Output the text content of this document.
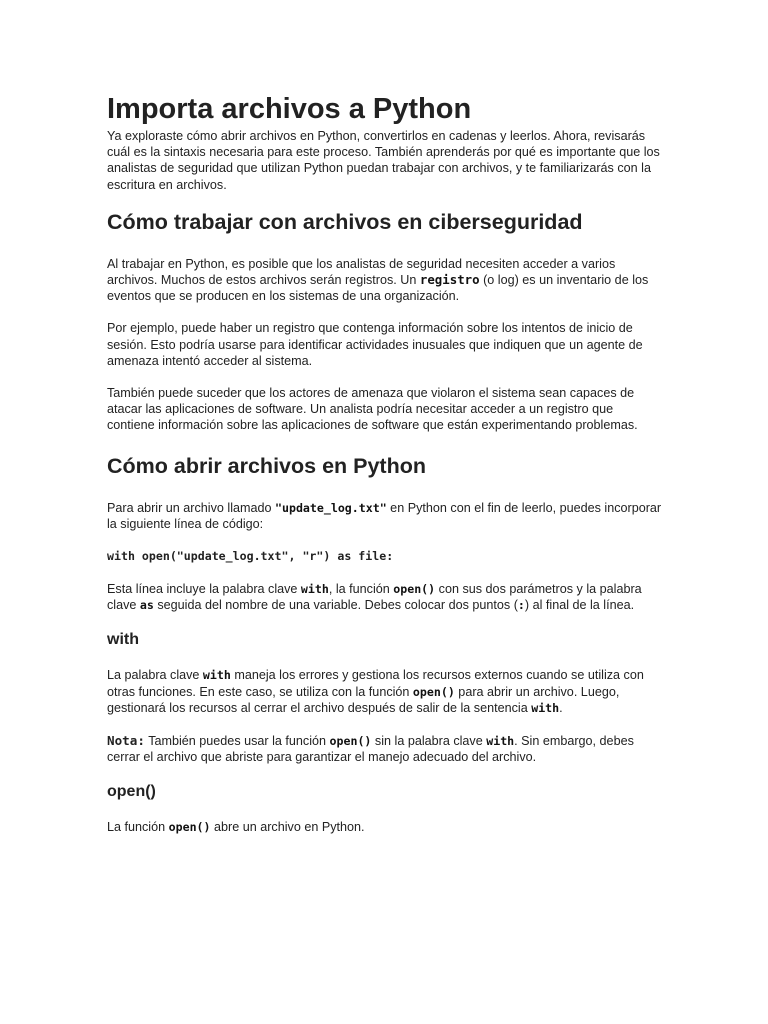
Importa archivos a Python

Ya exploraste cómo abrir archivos en Python, convertirlos en cadenas y leerlos. Ahora, revisarás cuál es la sintaxis necesaria para este proceso. También aprenderás por qué es importante que los analistas de seguridad que utilizan Python puedan trabajar con archivos, y te familiarizarás con la escritura en archivos.

Cómo trabajar con archivos en ciberseguridad

Al trabajar en Python, es posible que los analistas de seguridad necesiten acceder a varios archivos. Muchos de estos archivos serán registros. Un registro (o log) es un inventario de los eventos que se producen en los sistemas de una organización.

Por ejemplo, puede haber un registro que contenga información sobre los intentos de inicio de sesión. Esto podría usarse para identificar actividades inusuales que indiquen que un agente de amenaza intentó acceder al sistema.

También puede suceder que los actores de amenaza que violaron el sistema sean capaces de atacar las aplicaciones de software. Un analista podría necesitar acceder a un registro que contiene información sobre las aplicaciones de software que están experimentando problemas.

Cómo abrir archivos en Python

Para abrir un archivo llamado "update_log.txt" en Python con el fin de leerlo, puedes incorporar la siguiente línea de código:

with open("update_log.txt", "r") as file:

Esta línea incluye la palabra clave with, la función open() con sus dos parámetros y la palabra clave as seguida del nombre de una variable. Debes colocar dos puntos (:) al final de la línea.

with

La palabra clave with maneja los errores y gestiona los recursos externos cuando se utiliza con otras funciones. En este caso, se utiliza con la función open() para abrir un archivo. Luego, gestionará los recursos al cerrar el archivo después de salir de la sentencia with.

Nota: También puedes usar la función open() sin la palabra clave with. Sin embargo, debes cerrar el archivo que abriste para garantizar el manejo adecuado del archivo.

open()

La función open() abre un archivo en Python.
